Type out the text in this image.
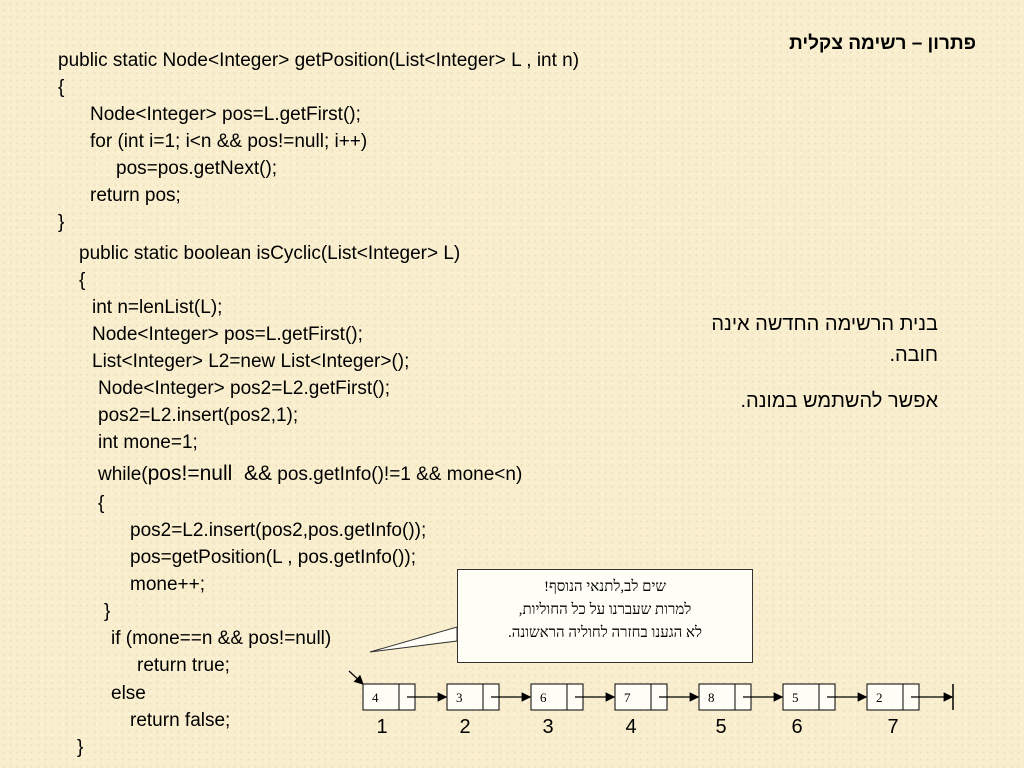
פתרון – רשימה צקלית
public static Node<Integer> getPosition(List<Integer> L , int n)
{
Node<Integer> pos=L.getFirst();
for (int i=1; i<n && pos!=null; i++)
pos=pos.getNext();
return pos;
}
public static boolean isCyclic(List<Integer> L)
{
int n=lenList(L);
Node<Integer> pos=L.getFirst();
List<Integer> L2=new List<Integer>();
Node<Integer> pos2=L2.getFirst();
pos2=L2.insert(pos2,1);
int mone=1;
while(pos!=null  && pos.getInfo()!=1 && mone<n)
{
pos2=L2.insert(pos2,pos.getInfo());
pos=getPosition(L , pos.getInfo());
mone++;
}
if (mone==n && pos!=null)
return true;
else
return false;
}
בנית הרשימה החדשה אינה
חובה.
אפשר להשתמש במונה.
שים לב,לתנאי הנוסף!
למרות שעברנו על כל החוליות,
לא הגענו בחזרה לחוליה הראשונה.
4
1
3
2
6
3
7
4
8
5
5
6
2
7
